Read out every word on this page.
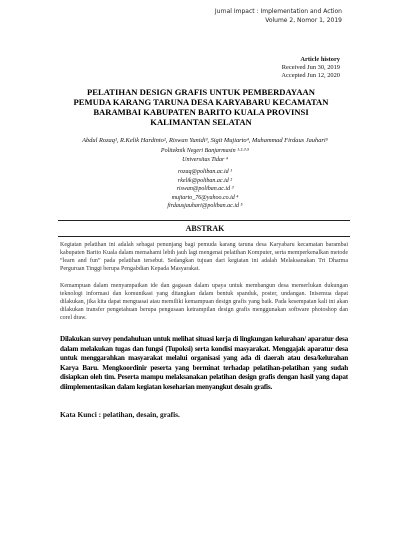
Jurnal Impact : Implementation and Action
Volume 2, Nomor 1, 2019
Article history
Received Jun 30, 2019
Accepted Jun 12, 2020
PELATIHAN DESIGN GRAFIS UNTUK PEMBERDAYAAN PEMUDA KARANG TARUNA DESA KARYABARU KECAMATAN BARAMBAI KABUPATEN BARITO KUALA PROVINSI KALIMANTAN SELATAN
Abdul Rozaq¹, R.Kelik Hardinto², Riswan Yunidi³, Sigit Mujiarto⁴, Muhammad Firdaus Jauhari⁵
Politeknik Negeri Banjarmasin ¹·²·³·⁵
Universitas Tidar ⁴
rozaq@poliban.ac.id ¹
rkelik@poliban.ac.id ²
riswan@poliban.ac.id ³
mujiarto_76@yahoo.co.id ⁴
firdausjauhari@poliban.ac.id ⁵
ABSTRAK
Kegiatan pelatihan ini adalah sebagai penunjang bagi pemuda karang taruna desa Karyabaru kecamatan barambai kabupaten Barito Kuala dalam memahami lebih jauh lagi mengenai pelatihan Komputer, serta memperkenalkan metode “learn and fun” pada pelatihan tersebut. Sedangkan tujuan dari kegiatan ini adalah Melaksanakan Tri Dharma Perguruan Tinggi berupa Pengabdian Kepada Masyarakat.
Kemampuan dalam menyampaikan ide dan gagasan dalam upaya untuk membangun desa memerlukan dukungan teknologi informasi dan komunikasi yang ditangkan dalam bentuk spanduk, poster, undangan. Inisemua dapat dilakukan, jika kita dapat menguasai atau memiliki kemampuan design grafis yang baik. Pada kesempatan kali ini akan dilakukan transfer pengetahuan berupa pengusaan ketrampilan design grafis menggunakan software photoshop dan corel draw.
Dilakukan survey pendahuluan untuk melihat situasi kerja di lingkungan kelurahan/ aparatur desa dalam melakukan tugas dan fungsi (Tupoksi) serta kondisi masyarakat. Menggajak aparatur desa untuk menggarahkan masyarakat melalui organisasi yang ada di daerah atau desa/kelurahan Karya Baru. Mengkoordinir peserta yang berminat terhadap pelatihan-pelatihan yang sudah disiapkan oleh tim. Peserta mampu melaksanakan pelatihan design grafis dengan hasil yang dapat diimplementasikan dalam kegiatan keseharian menyangkut desain grafis.
Kata Kunci : pelatihan, desain, grafis.
